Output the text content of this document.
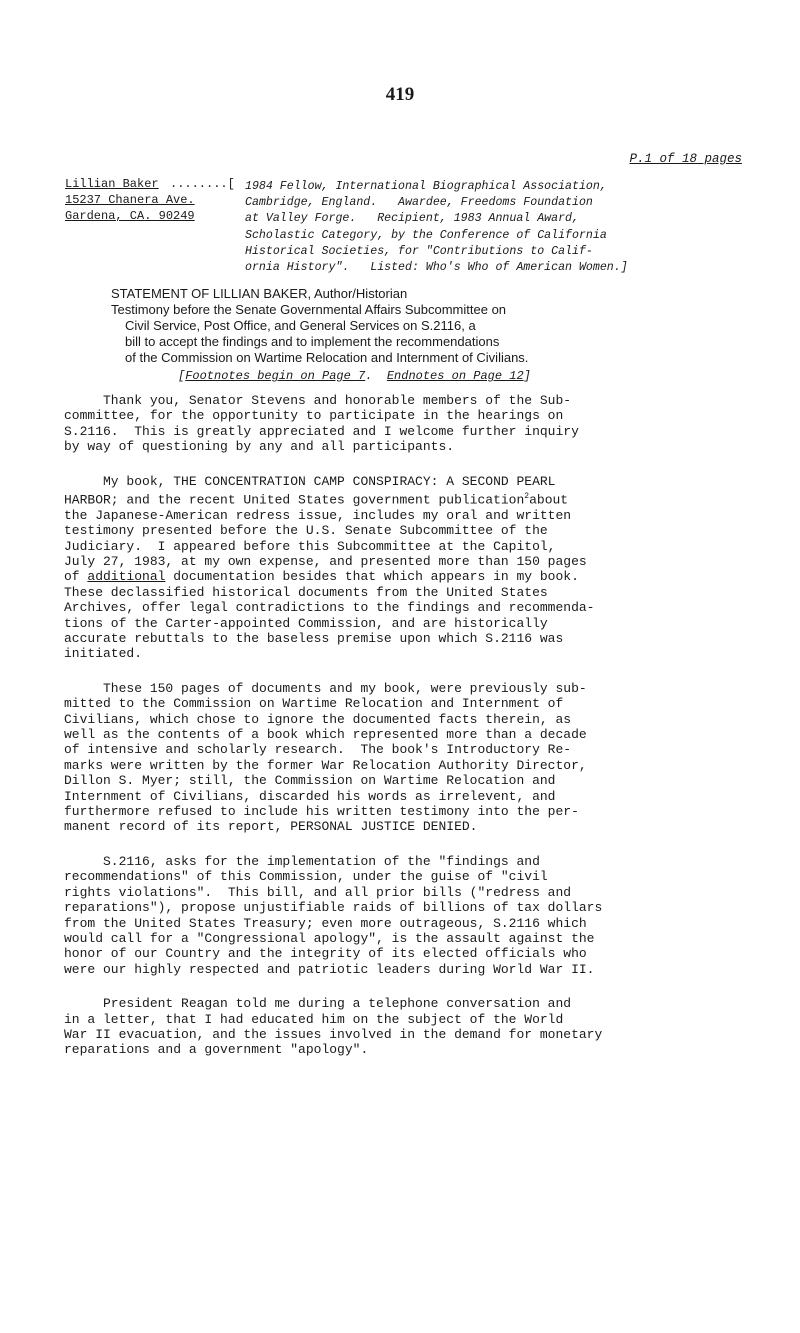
419
P.1 of 18 pages
Lillian Baker
15237 Chanera Ave.
Gardena, CA. 90249
........[ 1984 Fellow, International Biographical Association,
Cambridge, England.   Awardee, Freedoms Foundation
at Valley Forge.   Recipient, 1983 Annual Award,
Scholastic Category, by the Conference of California
Historical Societies, for "Contributions to Calif-
ornia History".   Listed: Who's Who of American Women.]
STATEMENT OF LILLIAN BAKER, Author/Historian
Testimony before the Senate Governmental Affairs Subcommittee on
Civil Service, Post Office, and General Services on S.2116, a
bill to accept the findings and to implement the recommendations
of the Commission on Wartime Relocation and Internment of Civilians.
[Footnotes begin on Page 7.  Endnotes on Page 12]
Thank you, Senator Stevens and honorable members of the Sub-
committee, for the opportunity to participate in the hearings on
S.2116.  This is greatly appreciated and I welcome further inquiry
by way of questioning by any and all participants.
My book, THE CONCENTRATION CAMP CONSPIRACY: A SECOND PEARL
HARBOR; and the recent United States government publication$^2$about
the Japanese-American redress issue, includes my oral and written
testimony presented before the U.S. Senate Subcommittee of the
Judiciary.  I appeared before this Subcommittee at the Capitol,
July 27, 1983, at my own expense, and presented more than 150 pages
of additional documentation besides that which appears in my book.
These declassified historical documents from the United States
Archives, offer legal contradictions to the findings and recommenda-
tions of the Carter-appointed Commission, and are historically
accurate rebuttals to the baseless premise upon which S.2116 was
initiated.
These 150 pages of documents and my book, were previously sub-
mitted to the Commission on Wartime Relocation and Internment of
Civilians, which chose to ignore the documented facts therein, as
well as the contents of a book which represented more than a decade
of intensive and scholarly research.  The book's Introductory Re-
marks were written by the former War Relocation Authority Director,
Dillon S. Myer; still, the Commission on Wartime Relocation and
Internment of Civilians, discarded his words as irrelevent, and
furthermore refused to include his written testimony into the per-
manent record of its report, PERSONAL JUSTICE DENIED.
S.2116, asks for the implementation of the "findings and
recommendations" of this Commission, under the guise of "civil
rights violations".  This bill, and all prior bills ("redress and
reparations"), propose unjustifiable raids of billions of tax dollars
from the United States Treasury; even more outrageous, S.2116 which
would call for a "Congressional apology", is the assault against the
honor of our Country and the integrity of its elected officials who
were our highly respected and patriotic leaders during World War II.
President Reagan told me during a telephone conversation and
in a letter, that I had educated him on the subject of the World
War II evacuation, and the issues involved in the demand for monetary
reparations and a government "apology".
